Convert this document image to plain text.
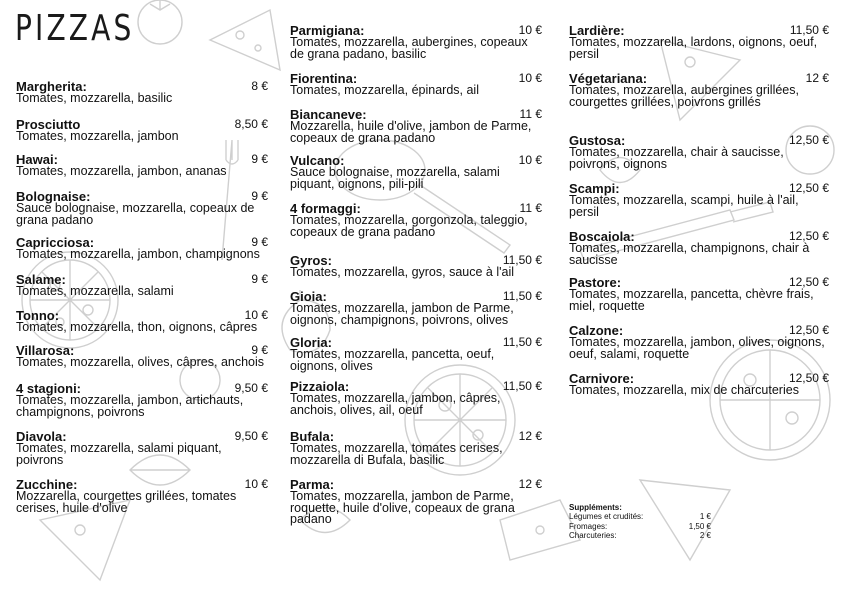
PIZZAS
Margherita:	8 €
Tomates, mozzarella, basilic
Prosciutto	8,50 €
Tomates, mozzarella, jambon
Hawai:	9 €
Tomates, mozzarella, jambon, ananas
Bolognaise:	9 €
Sauce bolognaise, mozzarella, copeaux de grana padano
Capricciosa:	9 €
Tomates, mozzarella, jambon, champignons
Salame:	9 €
Tomates, mozzarella, salami
Tonno:	10 €
Tomates, mozzarella, thon, oignons, câpres
Villarosa:	9 €
Tomates, mozzarella, olives, câpres, anchois
4 stagioni:	9,50 €
Tomates, mozzarella, jambon, artichauts, champignons, poivrons
Diavola:	9,50 €
Tomates, mozzarella, salami piquant, poivrons
Zucchine:	10 €
Mozzarella, courgettes grillées, tomates cerises, huile d'olive
Parmigiana:	10 €
Tomates, mozzarella, aubergines, copeaux de grana padano, basilic
Fiorentina:	10 €
Tomates, mozzarella, épinards, ail
Biancaneve:	11 €
Mozzarella, huile d'olive, jambon de Parme, copeaux de grana padano
Vulcano:	10 €
Sauce bolognaise, mozzarella, salami piquant, oignons, pili-pili
4 formaggi:	11 €
Tomates, mozzarella, gorgonzola, taleggio, copeaux de grana padano
Gyros:	11,50 €
Tomates, mozzarella, gyros, sauce à l'ail
Gioia:	11,50 €
Tomates, mozzarella, jambon de Parme, oignons, champignons, poivrons, olives
Gloria:	11,50 €
Tomates, mozzarella, pancetta, oeuf, oignons, olives
Pizzaiola:	11,50 €
Tomates, mozzarella, jambon, câpres, anchois, olives, ail, oeuf
Bufala:	12 €
Tomates, mozzarella, tomates cerises, mozzarella di Bufala, basilic
Parma:	12 €
Tomates, mozzarella, jambon de Parme, roquette, huile d'olive, copeaux de grana padano
Lardière:	11,50 €
Tomates, mozzarella, lardons, oignons, oeuf, persil
Végetariana:	12 €
Tomates, mozzarella, aubergines grillées, courgettes grillées, poivrons grillés
Gustosa:	12,50 €
Tomates, mozzarella, chair à saucisse, poivrons, oignons
Scampi:	12,50 €
Tomates, mozzarella, scampi, huile à l'ail, persil
Boscaiola:	12,50 €
Tomates, mozzarella, champignons, chair à saucisse
Pastore:	12,50 €
Tomates, mozzarella, pancetta, chèvre frais, miel, roquette
Calzone:	12,50 €
Tomates, mozzarella, jambon, olives, oignons, oeuf, salami, roquette
Carnivore:	12,50 €
Tomates, mozzarella, mix de charcuteries
Suppléments:
Légumes et crudités:	1 €
Fromages:	1,50 €
Charcuteries:	2 €
